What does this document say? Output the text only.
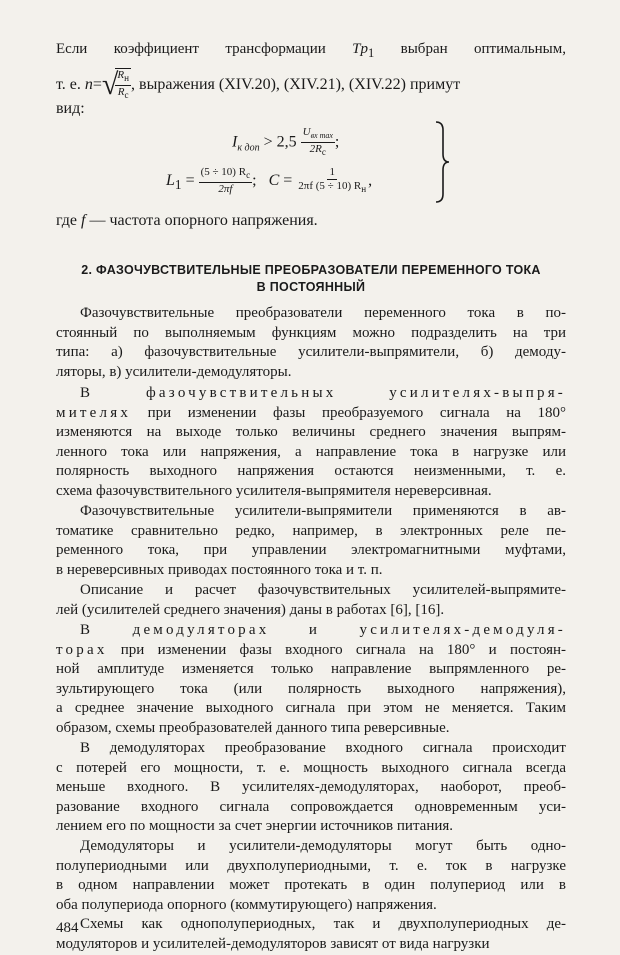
Если коэффициент трансформации $Tp_1$ выбран оптимальным,
т. е. n=√
$\frac{R_н}{R_c}$ , выражения (XIV.20), (XIV.21), (XIV.22) примут
вид:
$I_{к доп} > 2,5 \frac{U_{вх max}}{2R_c}$ ;
$L_1 = \frac{(5 \div 10) R_c}{2\pi f}$ ;   $C = \frac{1}{2\pi f (5 \div 10) R_н}$ ,
где f — частота опорного напряжения.
2. ФАЗОЧУВСТВИТЕЛЬНЫЕ ПРЕОБРАЗОВАТЕЛИ ПЕРЕМЕННОГО ТОКА
В ПОСТОЯННЫЙ
Фазочувствительные преобразователи переменного тока в по-
стоянный по выполняемым функциям можно подразделить на три
типа: а) фазочувствительные усилители-выпрямители, б) демоду-
ляторы, в) усилители-демодуляторы.
В фазочувствительных усилителях-выпря-
мителях при изменении фазы преобразуемого сигнала на 180°
изменяются на выходе только величины среднего значения выпрям-
ленного тока или напряжения, а направление тока в нагрузке или
полярность выходного напряжения остаются неизменными, т. е.
схема фазочувствительного усилителя-выпрямителя нереверсивная.
Фазочувствительные усилители-выпрямители применяются в ав-
томатике сравнительно редко, например, в электронных реле пе-
ременного тока, при управлении электромагнитными муфтами,
в нереверсивных приводах постоянного тока и т. п.
Описание и расчет фазочувствительных усилителей-выпрямите-
лей (усилителей среднего значения) даны в работах [6], [16].
В демодуляторах и усилителях-демодуля-
торах при изменении фазы входного сигнала на 180° и постоян-
ной амплитуде изменяется только направление выпрямленного ре-
зультирующего тока (или полярность выходного напряжения),
а среднее значение выходного сигнала при этом не меняется. Таким
образом, схемы преобразователей данного типа реверсивные.
В демодуляторах преобразование входного сигнала происходит
с потерей его мощности, т. е. мощность выходного сигнала всегда
меньше входного. В усилителях-демодуляторах, наоборот, преоб-
разование входного сигнала сопровождается одновременным уси-
лением его по мощности за счет энергии источников питания.
484
Демодуляторы и усилители-демодуляторы могут быть одно-
полупериодными или двухполупериодными, т. е. ток в нагрузке
в одном направлении может протекать в один полупериод или в
оба полупериода опорного (коммутирующего) напряжения.
Схемы как однополупериодных, так и двухполупериодных де-
модуляторов и усилителей-демодуляторов зависят от вида нагрузки
